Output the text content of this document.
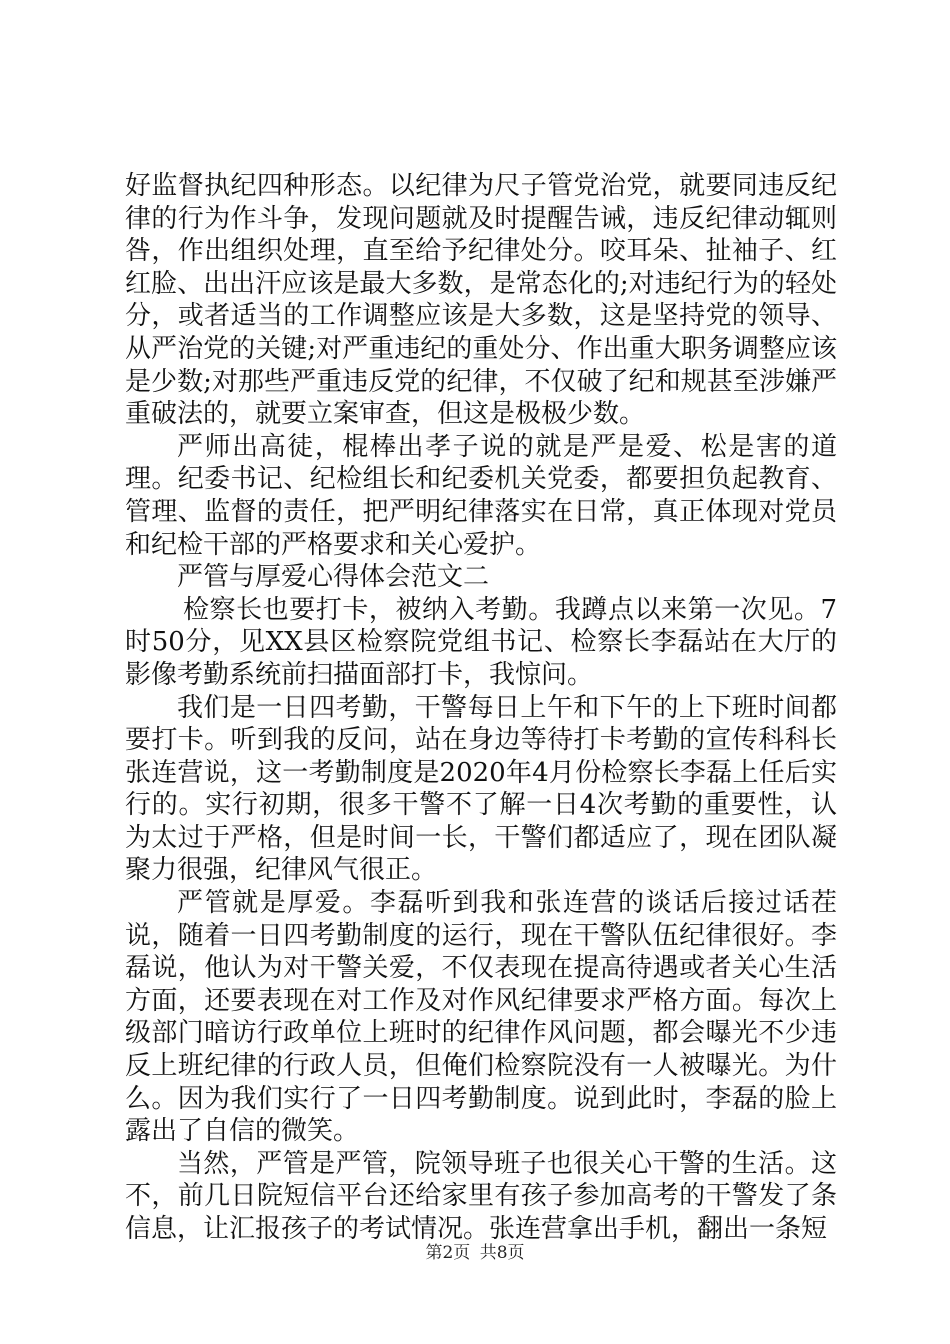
好监督执纪四种形态。以纪律为尺子管党治党，就要同违反纪律的行为作斗争，发现问题就及时提醒告诫，违反纪律动辄则咎，作出组织处理，直至给予纪律处分。咬耳朵、扯袖子、红红脸、出出汗应该是最大多数，是常态化的;对违纪行为的轻处分，或者适当的工作调整应该是大多数，这是坚持党的领导、从严治党的关键;对严重违纪的重处分、作出重大职务调整应该是少数;对那些严重违反党的纪律，不仅破了纪和规甚至涉嫌严重破法的，就要立案审查，但这是极极少数。

严师出高徒，棍棒出孝子说的就是严是爱、松是害的道理。纪委书记、纪检组长和纪委机关党委，都要担负起教育、管理、监督的责任，把严明纪律落实在日常，真正体现对党员和纪检干部的严格要求和关心爱护。

严管与厚爱心得体会范文二

检察长也要打卡，被纳入考勤。我蹲点以来第一次见。7时50分，见XX县区检察院党组书记、检察长李磊站在大厅的影像考勤系统前扫描面部打卡，我惊问。

我们是一日四考勤，干警每日上午和下午的上下班时间都要打卡。听到我的反问，站在身边等待打卡考勤的宣传科科长张连营说，这一考勤制度是2020年4月份检察长李磊上任后实行的。实行初期，很多干警不了解一日4次考勤的重要性，认为太过于严格，但是时间一长，干警们都适应了，现在团队凝聚力很强，纪律风气很正。

严管就是厚爱。李磊听到我和张连营的谈话后接过话茬说，随着一日四考勤制度的运行，现在干警队伍纪律很好。李磊说，他认为对干警关爱，不仅表现在提高待遇或者关心生活方面，还要表现在对工作及对作风纪律要求严格方面。每次上级部门暗访行政单位上班时的纪律作风问题，都会曝光不少违反上班纪律的行政人员，但俺们检察院没有一人被曝光。为什么。因为我们实行了一日四考勤制度。说到此时，李磊的脸上露出了自信的微笑。

当然，严管是严管，院领导班子也很关心干警的生活。这不，前几日院短信平台还给家里有孩子参加高考的干警发了条信息，让汇报孩子的考试情况。张连营拿出手机，翻出一条短

第2页 共8页
